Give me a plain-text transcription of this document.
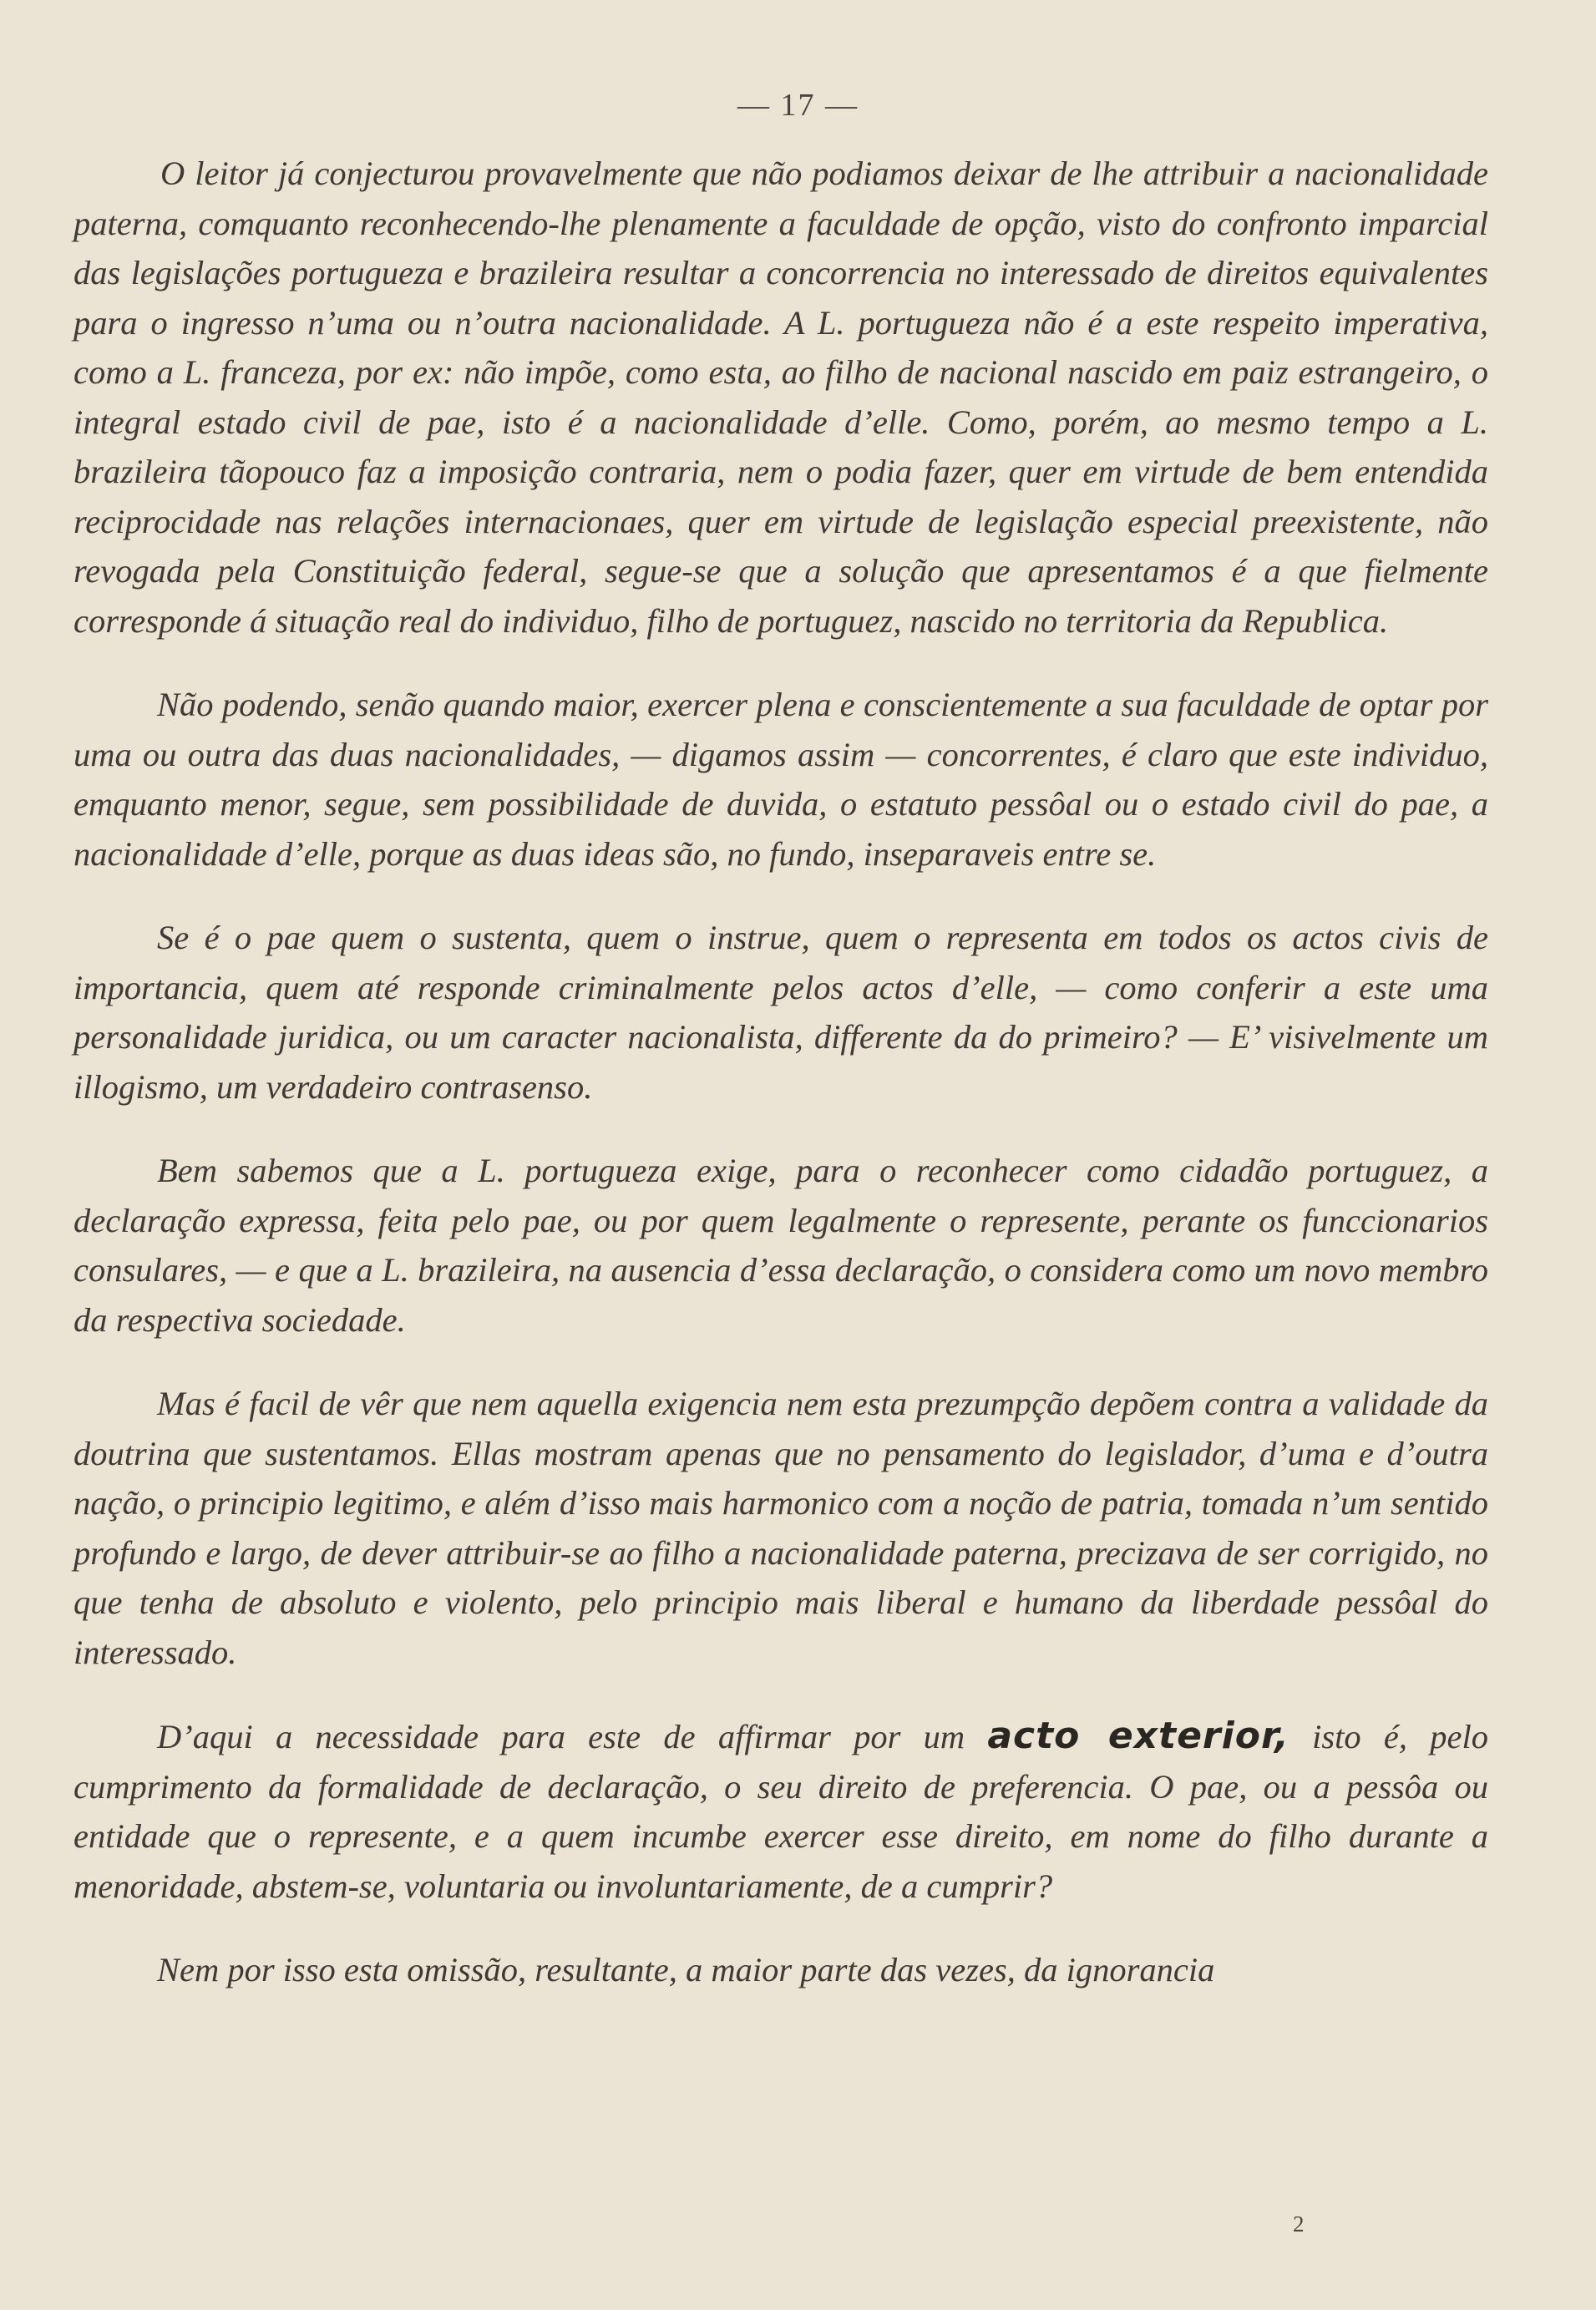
— 17 —

O leitor já conjecturou provavelmente que não podiamos deixar de lhe attribuir a nacionalidade paterna, comquanto reconhecendo-lhe plenamente a faculdade de opção, visto do confronto imparcial das legislações portugueza e brazileira resultar a concorrencia no interessado de direitos equivalentes para o ingresso n’uma ou n’outra nacionalidade. A L. portugueza não é a este respeito imperativa, como a L. franceza, por ex: não impõe, como esta, ao filho de nacional nascido em paiz estrangeiro, o integral estado civil de pae, isto é a nacionalidade d’elle. Como, porém, ao mesmo tempo a L. brazileira tãopouco faz a imposição contraria, nem o podia fazer, quer em virtude de bem entendida reciprocidade nas relações internacionaes, quer em virtude de legislação especial preexistente, não revogada pela Constituição federal, segue-se que a solução que apresentamos é a que fielmente corresponde á situação real do individuo, filho de portuguez, nascido no territoria da Republica.

Não podendo, senão quando maior, exercer plena e conscientemente a sua faculdade de optar por uma ou outra das duas nacionalidades, — digamos assim — concorrentes, é claro que este individuo, emquanto menor, segue, sem possibilidade de duvida, o estatuto pessôal ou o estado civil do pae, a nacionalidade d’elle, porque as duas ideas são, no fundo, inseparaveis entre se.

Se é o pae quem o sustenta, quem o instrue, quem o representa em todos os actos civis de importancia, quem até responde criminalmente pelos actos d’elle, — como conferir a este uma personalidade juridica, ou um caracter nacionalista, differente da do primeiro? — E’ visivelmente um illogismo, um verdadeiro contrasenso.

Bem sabemos que a L. portugueza exige, para o reconhecer como cidadão portuguez, a declaração expressa, feita pelo pae, ou por quem legalmente o represente, perante os funccionarios consulares, — e que a L. brazileira, na ausencia d’essa declaração, o considera como um novo membro da respectiva sociedade.

Mas é facil de vêr que nem aquella exigencia nem esta prezumpção depõem contra a validade da doutrina que sustentamos. Ellas mostram apenas que no pensamento do legislador, d’uma e d’outra nação, o principio legitimo, e além d’isso mais harmonico com a noção de patria, tomada n’um sentido profundo e largo, de dever attribuir-se ao filho a nacionalidade paterna, precizava de ser corrigido, no que tenha de absoluto e violento, pelo principio mais liberal e humano da liberdade pessôal do interessado.

D’aqui a necessidade para este de affirmar por um acto exterior, isto é, pelo cumprimento da formalidade de declaração, o seu direito de preferencia. O pae, ou a pessôa ou entidade que o represente, e a quem incumbe exercer esse direito, em nome do filho durante a menoridade, abstem-se, voluntaria ou involuntariamente, de a cumprir?

Nem por isso esta omissão, resultante, a maior parte das vezes, da ignorancia

2
